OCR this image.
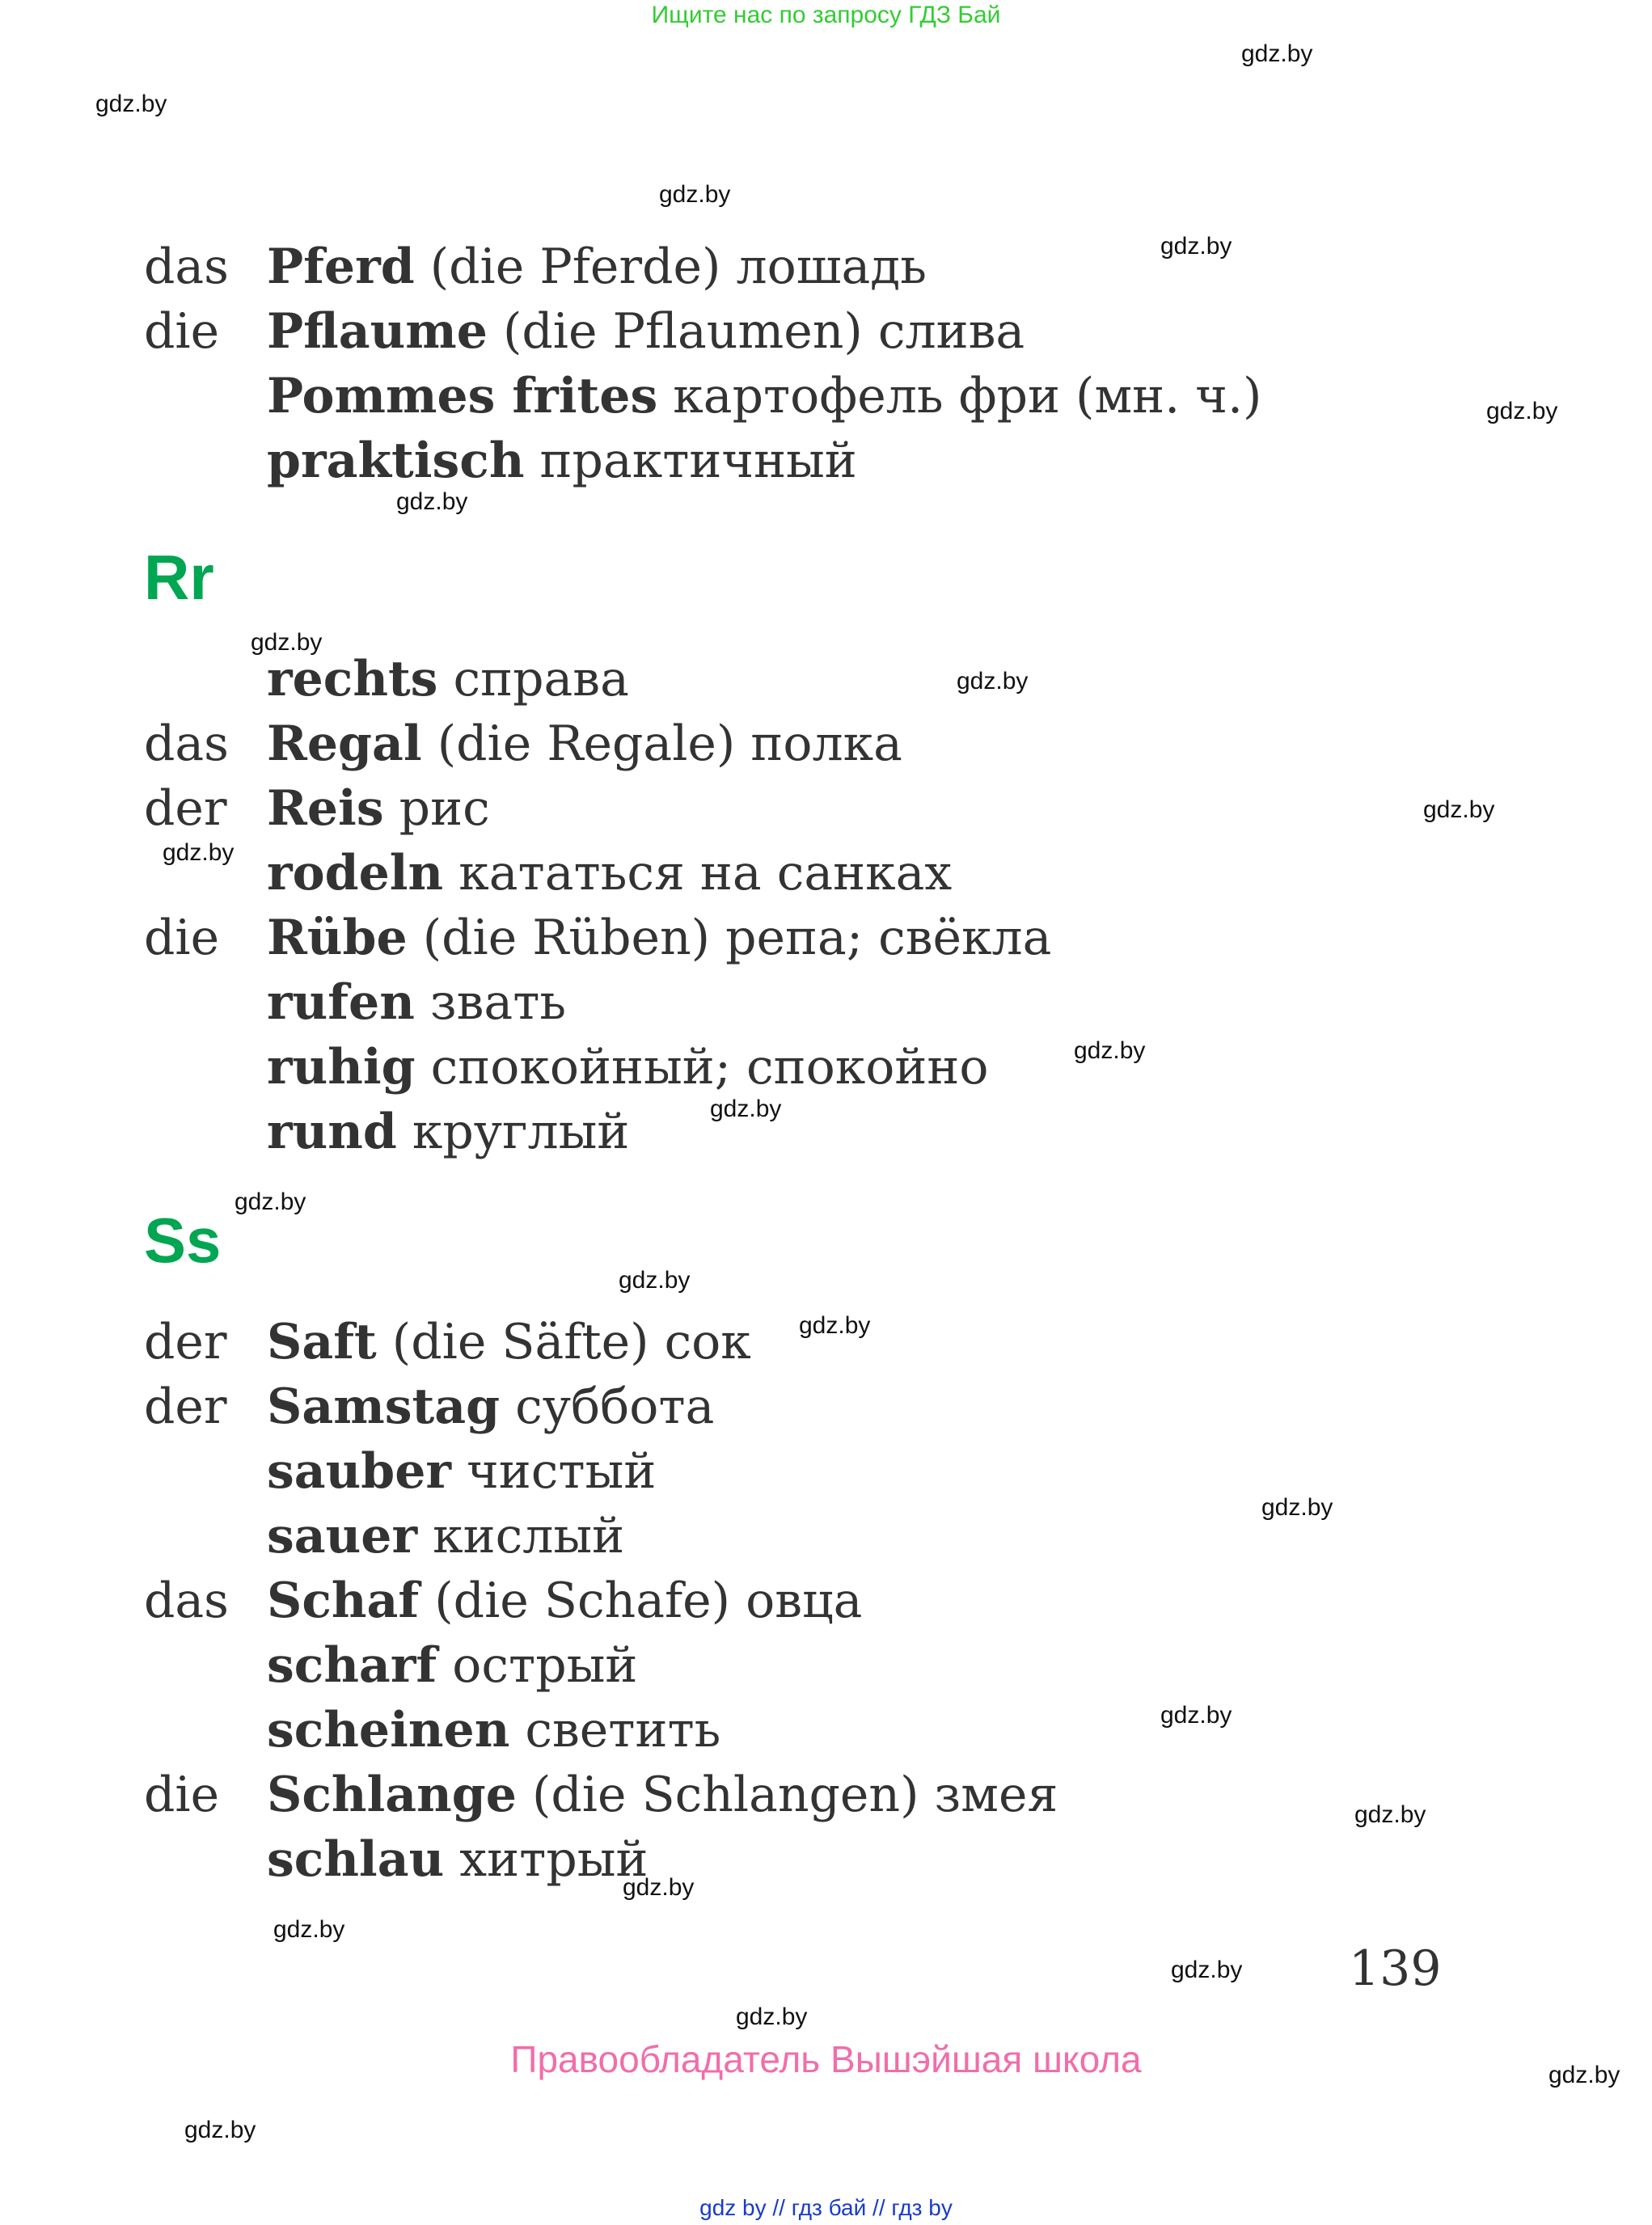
Ищите нас по запросу ГДЗ Бай
gdz.by
gdz.by
gdz.by
gdz.by
gdz.by
gdz.by
gdz.by
gdz.by
gdz.by
gdz.by
gdz.by
gdz.by
gdz.by
gdz.by
gdz.by
gdz.by
gdz.by
gdz.by
gdz.by
gdz.by
gdz.by
gdz.by
gdz.by
gdz.by
das Pferd (die Pferde) лошадь
die Pflaume (die Pflaumen) слива
Pommes frites картофель фри (мн. ч.)
praktisch практичный
Rr
rechts справа
das Regal (die Regale) полка
der Reis рис
rodeln кататься на санках
die Rübe (die Rüben) репа; свёкла
rufen звать
ruhig спокойный; спокойно
rund круглый
Ss
der Saft (die Säfte) сок
der Samstag суббота
sauber чистый
sauer кислый
das Schaf (die Schafe) овца
scharf острый
scheinen светить
die Schlange (die Schlangen) змея
schlau хитрый
139
Правообладатель Вышэйшая школа
gdz by // гдз бай // гдз by
